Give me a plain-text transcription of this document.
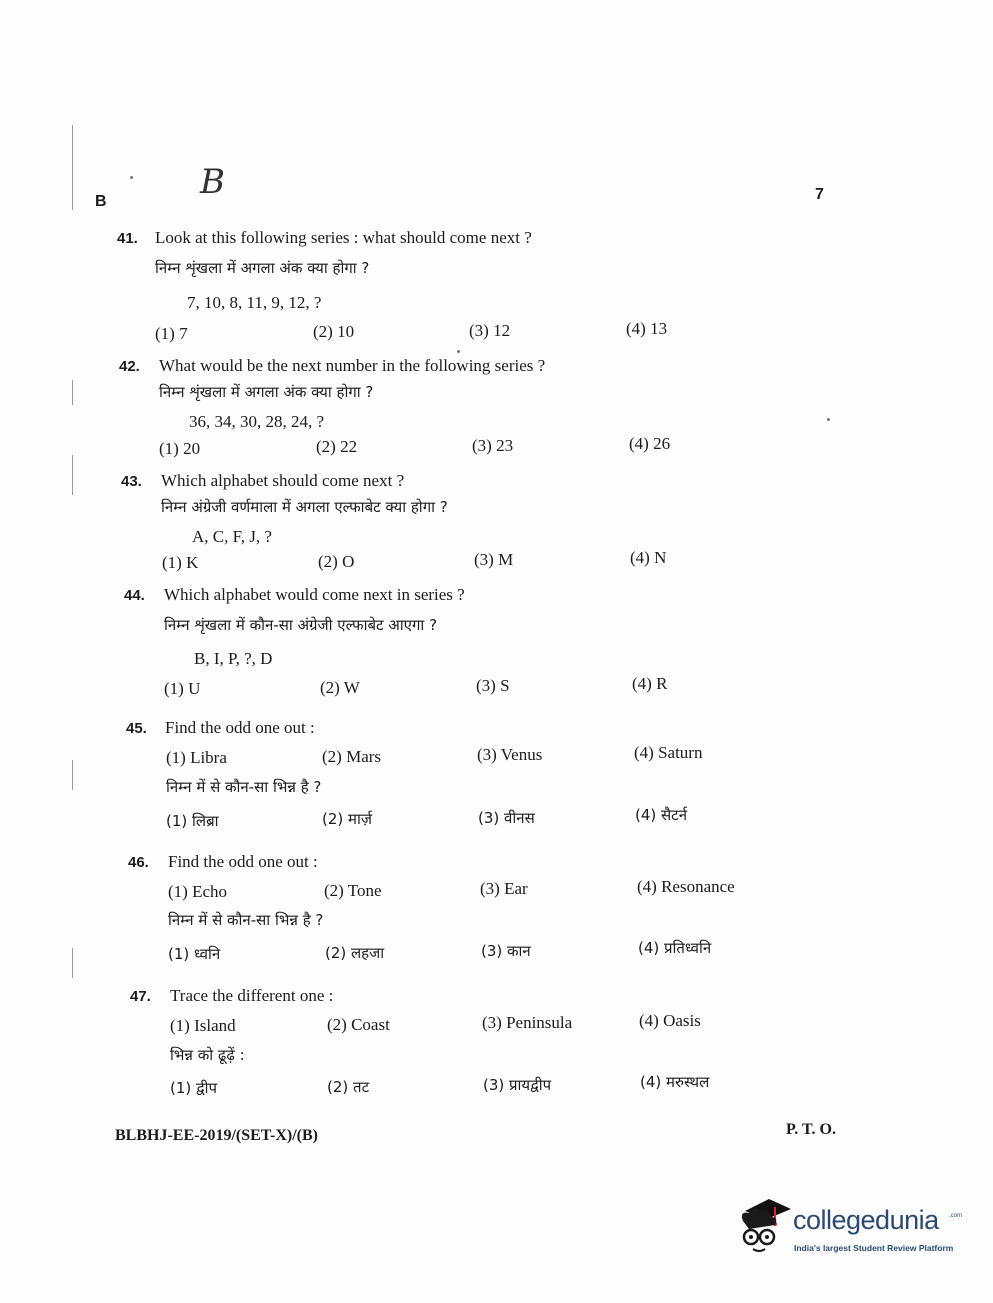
B	B	7
41. Look at this following series : what should come next ?
निम्न शृंखला में अगला अंक क्या होगा ?
7, 10, 8, 11, 9, 12, ?
(1) 7	(2) 10	(3) 12	(4) 13
42. What would be the next number in the following series ?
निम्न शृंखला में अगला अंक क्या होगा ?
36, 34, 30, 28, 24, ?
(1) 20	(2) 22	(3) 23	(4) 26
43. Which alphabet should come next ?
निम्न अंग्रेजी वर्णमाला में अगला एल्फाबेट क्या होगा ?
A, C, F, J, ?
(1) K	(2) O	(3) M	(4) N
44. Which alphabet would come next in series ?
निम्न शृंखला में कौन-सा अंग्रेजी एल्फाबेट आएगा ?
B, I, P, ?, D
(1) U	(2) W	(3) S	(4) R
45. Find the odd one out :
(1) Libra	(2) Mars	(3) Venus	(4) Saturn
निम्न में से कौन-सा भिन्न है ?
(1) लिब्रा	(2) मार्ज़	(3) वीनस	(4) सैटर्न
46. Find the odd one out :
(1) Echo	(2) Tone	(3) Ear	(4) Resonance
निम्न में से कौन-सा भिन्न है ?
(1) ध्वनि	(2) लहजा	(3) कान	(4) प्रतिध्वनि
47. Trace the different one :
(1) Island	(2) Coast	(3) Peninsula	(4) Oasis
भिन्न को ढूढ़ें :
(1) द्वीप	(2) तट	(3) प्रायद्वीप	(4) मरुस्थल
BLBHJ-EE-2019/(SET-X)/(B)	P. T. O.
collegedunia .com
India's largest Student Review Platform
